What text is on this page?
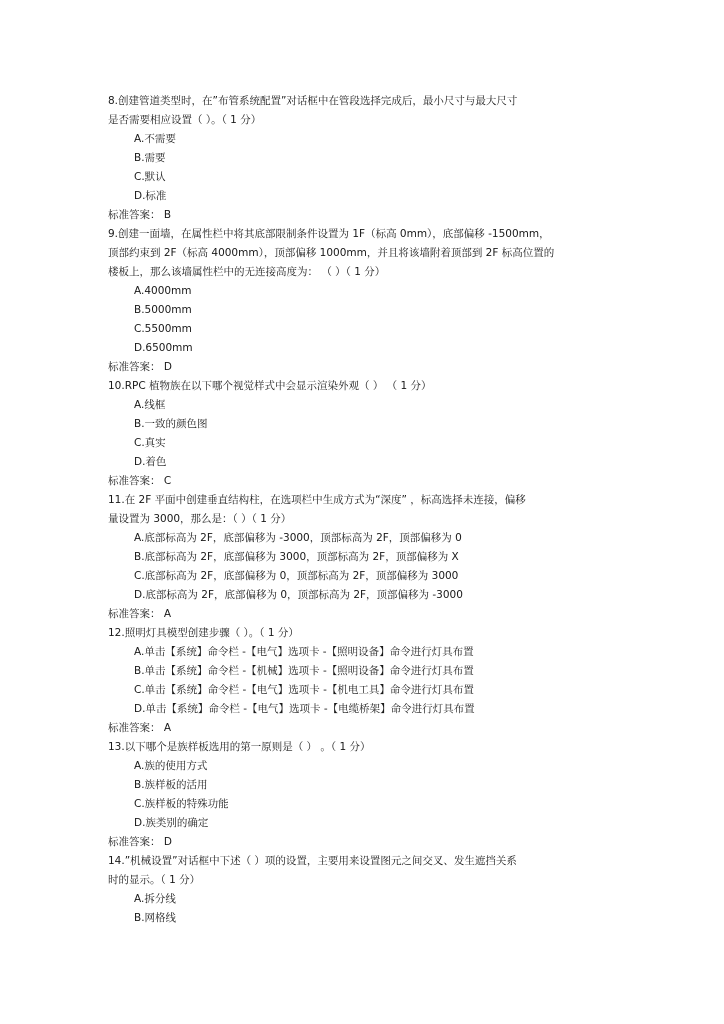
8.创建管道类型时，在”布管系统配置”对话框中在管段选择完成后，最小尺寸与最大尺寸
是否需要相应设置（ ）。（ 1 分）
A.不需要
B.需要
C.默认
D.标准
标准答案： B
9.创建一面墙，在属性栏中将其底部限制条件设置为 1F（标高 0mm），底部偏移 -1500mm，
顶部约束到 2F（标高 4000mm），顶部偏移 1000mm，并且将该墙附着顶部到 2F 标高位置的
楼板上，那么该墙属性栏中的无连接高度为： （ ）（ 1 分）
A.4000mm
B.5000mm
C.5500mm
D.6500mm
标准答案： D
10.RPC 植物族在以下哪个视觉样式中会显示渲染外观（ ） （ 1 分）
A.线框
B.一致的颜色图
C.真实
D.着色
标准答案： C
11.在 2F 平面中创建垂直结构柱，在选项栏中生成方式为“深度” ，标高选择未连接，偏移
量设置为 3000，那么是：（ ）（ 1 分）
A.底部标高为 2F，底部偏移为 -3000，顶部标高为 2F，顶部偏移为 0
B.底部标高为 2F，底部偏移为 3000，顶部标高为 2F，顶部偏移为 X
C.底部标高为 2F，底部偏移为 0，顶部标高为 2F，顶部偏移为 3000
D.底部标高为 2F，底部偏移为 0，顶部标高为 2F，顶部偏移为 -3000
标准答案： A
12.照明灯具模型创建步骤（ ）。（ 1 分）
A.单击【系统】命令栏 -【电气】选项卡 -【照明设备】命令进行灯具布置
B.单击【系统】命令栏 -【机械】选项卡 -【照明设备】命令进行灯具布置
C.单击【系统】命令栏 -【电气】选项卡 -【机电工具】命令进行灯具布置
D.单击【系统】命令栏 -【电气】选项卡 -【电缆桥架】命令进行灯具布置
标准答案： A
13.以下哪个是族样板选用的第一原则是（ ） 。（ 1 分）
A.族的使用方式
B.族样板的活用
C.族样板的特殊功能
D.族类别的确定
标准答案： D
14.”机械设置”对话框中下述（ ）项的设置，主要用来设置图元之间交叉、发生遮挡关系
时的显示。（ 1 分）
A.拆分线
B.网格线
